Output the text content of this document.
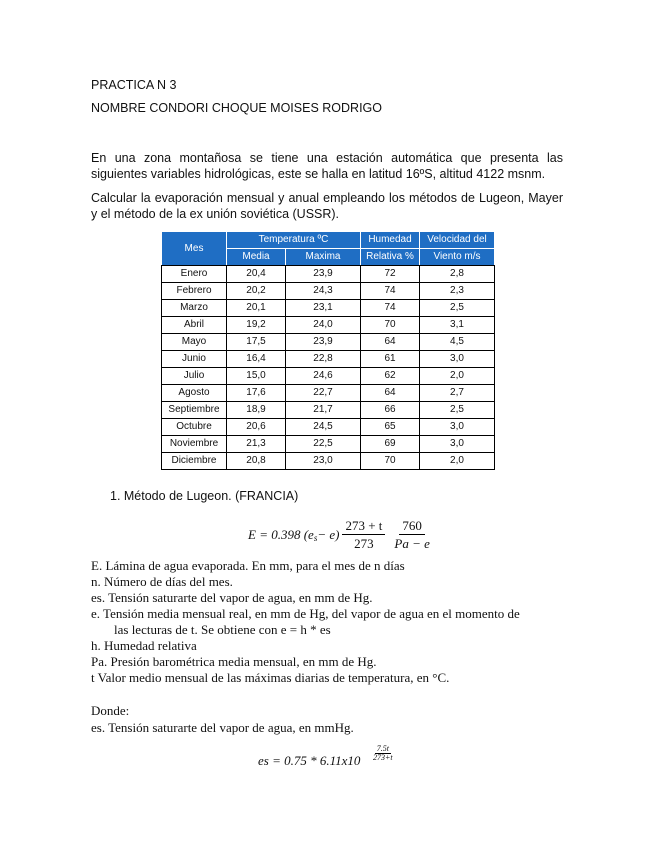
PRACTICA N 3
NOMBRE CONDORI CHOQUE MOISES RODRIGO
En una zona montañosa se tiene una estación automática que presenta las siguientes variables hidrológicas, este se halla en latitud 16ºS, altitud 4122 msnm.
Calcular la evaporación mensual y anual empleando los métodos de Lugeon, Mayer y el método de la ex unión soviética (USSR).
Mes	Temperatura ºC		Humedad	Velocidad del
	Media	Maxima	Relativa %	Viento m/s
Enero	20,4	23,9	72	2,8
Febrero	20,2	24,3	74	2,3
Marzo	20,1	23,1	74	2,5
Abril	19,2	24,0	70	3,1
Mayo	17,5	23,9	64	4,5
Junio	16,4	22,8	61	3,0
Julio	15,0	24,6	62	2,0
Agosto	17,6	22,7	64	2,7
Septiembre	18,9	21,7	66	2,5
Octubre	20,6	24,5	65	3,0
Noviembre	21,3	22,5	69	3,0
Diciembre	20,8	23,0	70	2,0
1. Método de Lugeon. (FRANCIA)
E = 0.398 $(e_s - e) \frac{273 + t}{273} \frac{760}{Pa - e}$
E. Lámina de agua evaporada. En mm, para el mes de n días
n. Número de días del mes.
es. Tensión saturarte del vapor de agua, en mm de Hg.
e. Tensión media mensual real, en mm de Hg, del vapor de agua en el momento de
las lecturas de t. Se obtiene con e = h * es
h. Humedad relativa
Pa. Presión barométrica media mensual, en mm de Hg.
t Valor medio mensual de las máximas diarias de temperatura, en °C.
Donde:
es. Tensión saturarte del vapor de agua, en mmHg.
es = $0.75 * 6.11x10 \frac{7.5t}{273+t}$
